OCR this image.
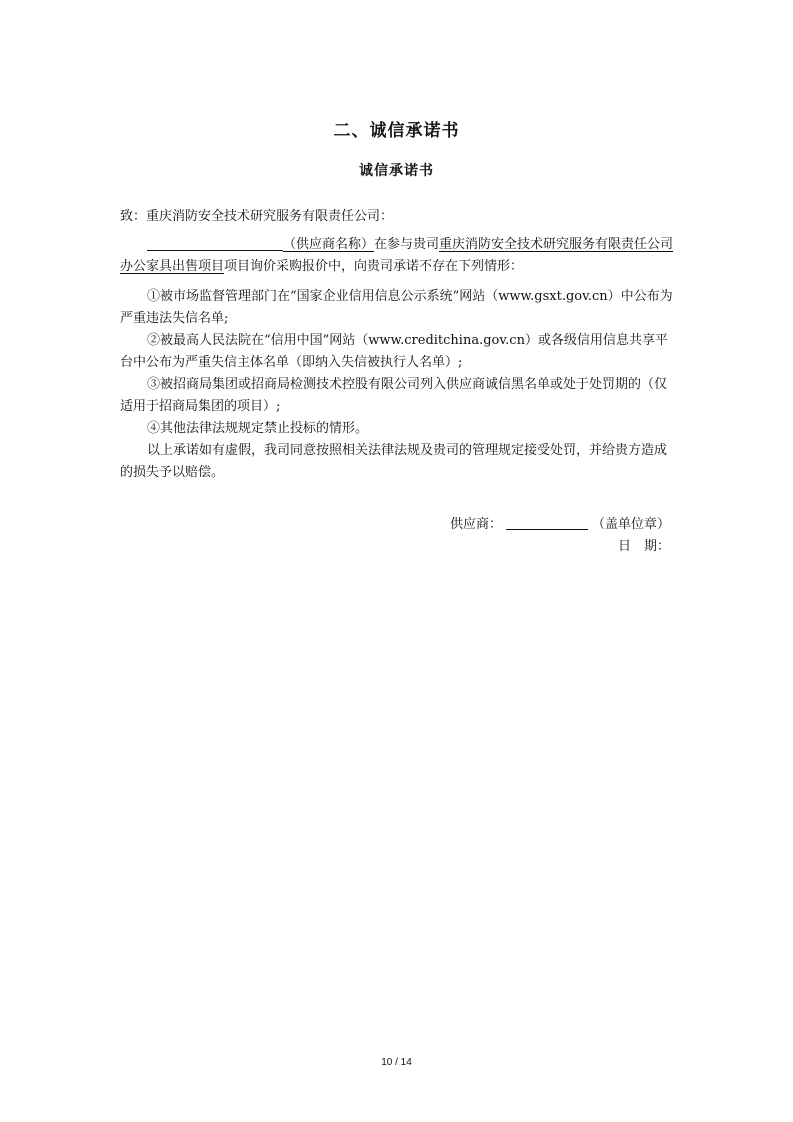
二、诚信承诺书
诚信承诺书

致：重庆消防安全技术研究服务有限责任公司：

（供应商名称）在参与贵司重庆消防安全技术研究服务有限责任公司办公家具出售项目项目询价采购报价中，向贵司承诺不存在下列情形：

①被市场监督管理部门在“国家企业信用信息公示系统”网站（www.gsxt.gov.cn）中公布为严重违法失信名单;

②被最高人民法院在“信用中国”网站（www.creditchina.gov.cn）或各级信用信息共享平台中公布为严重失信主体名单（即纳入失信被执行人名单）;

③被招商局集团或招商局检测技术控股有限公司列入供应商诚信黑名单或处于处罚期的（仅适用于招商局集团的项目）;

④其他法律法规规定禁止投标的情形。

以上承诺如有虚假，我司同意按照相关法律法规及贵司的管理规定接受处罚，并给贵方造成的损失予以赔偿。

供应商：	（盖单位章）
日　期：
10 / 14
